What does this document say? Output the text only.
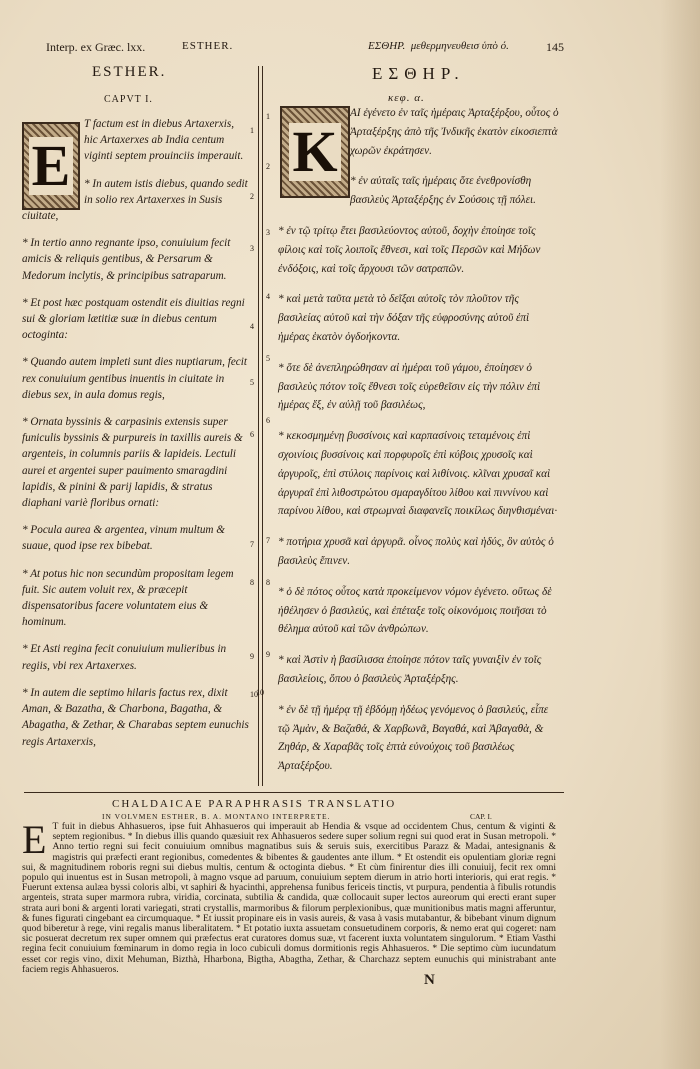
Interp. ex Græc. lxx.	ESTHER.	ΕΣΘΗΡ. μεθερμηνευθεισ ὑπὸ ό.	145
ESTHER.	ΕΣΘΗΡ.
CAPVT I.	κεφ. α.
T factum est in diebus Artaxerxis, hic Artaxerxes ab India centum viginti septem prouinciis imperauit.
* In autem istis diebus, quando sedit in solio rex Artaxerxes in Susis ciuitate,
* In tertio anno regnante ipso, conuiuium fecit amicis & reliquis gentibus, & Persarum & Medorum inclytis, & principibus satraparum.
* Et post hæc postquam ostendit eis diuitias regni sui & gloriam lætitiæ suæ in diebus centum octoginta:
* Quando autem impleti sunt dies nuptiarum, fecit rex conuiuium gentibus inuentis in ciuitate in diebus sex, in aula domus regis,
* Ornata byssinis & carpasinis extensis super funiculis byssinis & purpureis in taxillis aureis & argenteis, in columnis pariis & lapideis. Lectuli aurei et argentei super pauimento smaragdini lapidis, & pinini & parij lapidis, & stratus diaphani variè floribus ornati:
* Pocula aurea & argentea, vinum multum & suaue, quod ipse rex bibebat.
* At potus hic non secundùm propositam legem fuit. Sic autem voluit rex, & præcepit dispensatoribus facere voluntatem eius & hominum.
* Et Asti regina fecit conuiuium mulieribus in regiis, vbi rex Artaxerxes.
* In autem die septimo hilaris factus rex, dixit Aman, & Bazatha, & Charbona, Bagatha, & Abagatha, & Zethar, & Charabas septem eunuchis regis Artaxerxis,
E
ΑΙ ἐγένετο ἐν ταῖς ἡμέραις Ἀρταξέρξου, οὗτος ὁ Ἀρταξέρξης ἀπὸ τῆς Ἰνδικῆς ἑκατὸν εἰκοσιεπτὰ χωρῶν ἐκράτησεν.
* ἐν αὐταῖς ταῖς ἡμέραις ὅτε ἐνεθρονίσθη βασιλεὺς Ἀρταξέρξης ἐν Σούσοις τῇ πόλει.
* ἐν τῷ τρίτῳ ἔτει βασιλεύοντος αὐτοῦ, δοχὴν ἐποίησε τοῖς φίλοις καὶ τοῖς λοιποῖς ἔθνεσι, καὶ τοῖς Περσῶν καὶ Μήδων ἐνδόξοις, καὶ τοῖς ἄρχουσι τῶν σατραπῶν.
* καὶ μετὰ ταῦτα μετὰ τὸ δεῖξαι αὐτοῖς τὸν πλοῦτον τῆς βασιλείας αὐτοῦ καὶ τὴν δόξαν τῆς εὐφροσύνης αὐτοῦ ἐπὶ ἡμέρας ἑκατὸν ὀγδοήκοντα.
* ὅτε δὲ ἀνεπληρώθησαν αἱ ἡμέραι τοῦ γάμου, ἐποίησεν ὁ βασιλεὺς πότον τοῖς ἔθνεσι τοῖς εὑρεθεῖσιν εἰς τὴν πόλιν ἐπὶ ἡμέρας ἕξ, ἐν αὐλῇ τοῦ βασιλέως,
* κεκοσμημένῃ βυσσίνοις καὶ καρπασίνοις τεταμένοις ἐπὶ σχοινίοις βυσσίνοις καὶ πορφυροῖς ἐπὶ κύβοις χρυσοῖς καὶ ἀργυροῖς, ἐπὶ στύλοις παρίνοις καὶ λιθίνοις. κλῖναι χρυσαῖ καὶ ἀργυραῖ ἐπὶ λιθοστρώτου σμαραγδίτου λίθου καὶ πιννίνου καὶ παρίνου λίθου, καὶ στρωμναὶ διαφανεῖς ποικίλως διηνθισμέναι·
* ποτήρια χρυσᾶ καὶ ἀργυρᾶ. οἶνος πολὺς καὶ ἡδύς, ὃν αὐτὸς ὁ βασιλεὺς ἔπινεν.
* ὁ δὲ πότος οὗτος κατὰ προκείμενον νόμον ἐγένετο. οὕτως δὲ ἠθέλησεν ὁ βασιλεύς, καὶ ἐπέταξε τοῖς οἰκονόμοις ποιῆσαι τὸ θέλημα αὐτοῦ καὶ τῶν ἀνθρώπων.
* καὶ Ἀστὶν ἡ βασίλισσα ἐποίησε πότον ταῖς γυναιξὶν ἐν τοῖς βασιλείοις, ὅπου ὁ βασιλεὺς Ἀρταξέρξης.
* ἐν δὲ τῇ ἡμέρᾳ τῇ ἑβδόμῃ ἡδέως γενόμενος ὁ βασιλεύς, εἶπε τῷ Ἀμὰν, & Βαζαθά, & Χαρβωνᾶ, Βαγαθά, καὶ Ἀβαγαθὰ, & Ζηθάρ, & Χαραβᾶς τοῖς ἑπτὰ εὐνούχοις τοῦ βασιλέως Ἀρταξέρξου.
K
1
2
3
4
5
6
7
8
9
10
1
2
3
4
5
6
7
8
9
10
CHALDAICAE PARAPHRASIS TRANSLATIO
IN VOLVMEN ESTHER, B. A. MONTANO INTERPRETE.	CAP. I.
E T fuit in diebus Ahhasueros, ipse fuit Ahhasueros qui imperauit ab Hendia & vsque ad occidentem Chus, centum & viginti & septem regionibus. * In diebus illis quando quæsiuit rex Ahhasueros sedere super solium regni sui quod erat in Susan metropoli. * Anno tertio regni sui fecit conuiuium omnibus magnatibus suis & seruis suis, exercitibus Parazz & Madai, antesignanis & magistris qui præfecti erant regionibus, comedentes & bibentes & gaudentes ante illum. * Et ostendit eis opulentiam gloriæ regni sui, & magnitudinem roboris regni sui diebus multis, centum & octoginta diebus. * Et cùm finirentur dies illi conuiuij, fecit rex omni populo qui inuentus est in Susan metropoli, à magno vsque ad paruum, conuiuium septem dierum in atrio horti interioris, qui erat regis. * Fuerunt extensa aulæa byssi coloris albi, vt saphiri & hyacinthi, apprehensa funibus fericeis tinctis, vt purpura, pendentia à fibulis rotundis argenteis, strata super marmora rubra, viridia, corcinata, subtilia & candida, quæ collocauit super lectos aureorum qui erecti erant super strata auri boni & argenti lorati variegati, strati crystallis, marmoribus & filorum perplexionibus, quæ munitionibus matis magni afferuntur, & funes figurati cingebant ea circumquaque. * Et iussit propinare eis in vasis aureis, & vasa à vasis mutabantur, & bibebant vinum dignum quod biberetur à rege, vini regalis manus liberalitatem. * Et potatio iuxta assuetam consuetudinem corporis, & nemo erat qui cogeret: nam sic posuerat decretum rex super omnem qui præfectus erat curatores domus suæ, vt facerent iuxta voluntatem singulorum. * Etiam Vasthi regina fecit conuiuium fœminarum in domo regia in loco cubiculi domus dormitionis regis Ahhasueros. * Die septimo cùm iucundatum esset cor regis vino, dixit Mehuman, Bizthà, Hharbona, Bigtha, Abagtha, Zethar, & Charchazz septem eunuchis qui ministrabant ante faciem regis Ahhasueros.
N
